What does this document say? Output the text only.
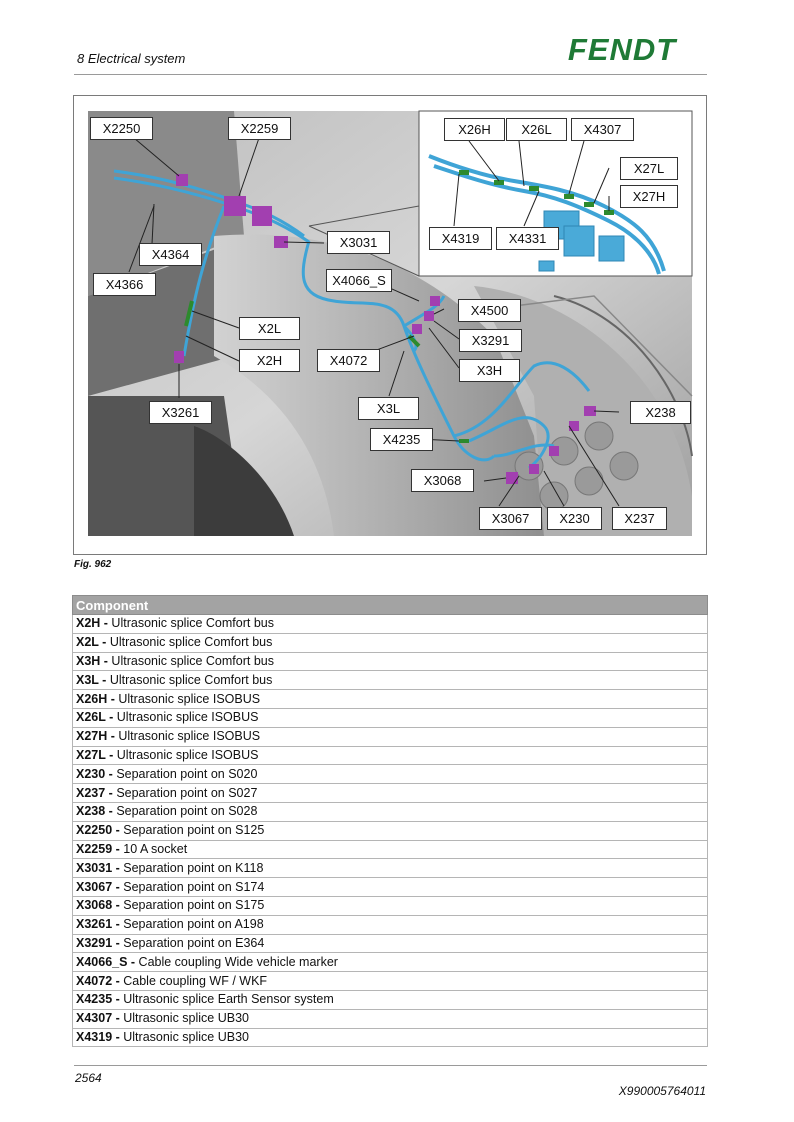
8 Electrical system	FENDT
X2250	X2259
X4364
X4366
X3031
X4066_S
X4500
X2L
X2H	X4072
X3291
X3H
X3261	X3L
X4235
X238
X3068
X3067	X230	X237
X26H	X26L	X4307
X27L
X27H
X4319	X4331
Fig. 962
Component
X2H - Ultrasonic splice Comfort bus
X2L - Ultrasonic splice Comfort bus
X3H - Ultrasonic splice Comfort bus
X3L - Ultrasonic splice Comfort bus
X26H - Ultrasonic splice ISOBUS
X26L - Ultrasonic splice ISOBUS
X27H - Ultrasonic splice ISOBUS
X27L - Ultrasonic splice ISOBUS
X230 - Separation point on S020
X237 - Separation point on S027
X238 - Separation point on S028
X2250 - Separation point on S125
X2259 - 10 A socket
X3031 - Separation point on K118
X3067 - Separation point on S174
X3068 - Separation point on S175
X3261 - Separation point on A198
X3291 - Separation point on E364
X4066_S - Cable coupling Wide vehicle marker
X4072 - Cable coupling WF / WKF
X4235 - Ultrasonic splice Earth Sensor system
X4307 - Ultrasonic splice UB30
X4319 - Ultrasonic splice UB30
2564
X990005764011
